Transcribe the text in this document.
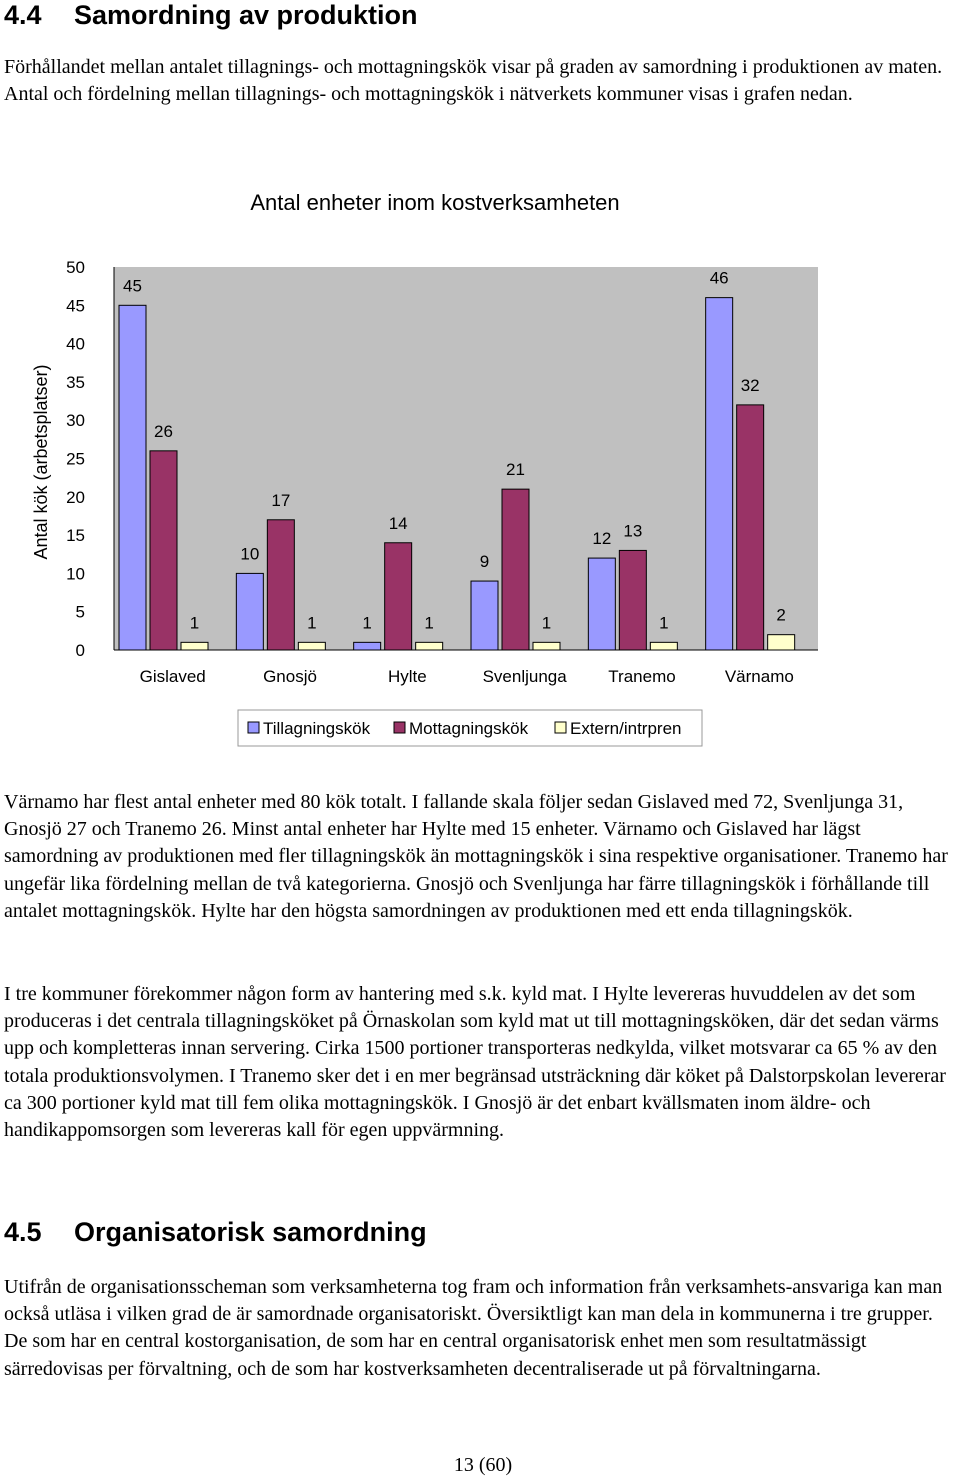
4.4 Samordning av produktion

Förhållandet mellan antalet tillagnings- och mottagningskök visar på graden av samordning i produktionen av maten. Antal och fördelning mellan tillagnings- och mottagningskök i nätverkets kommuner visas i grafen nedan.

Antal enheter inom kostverksamheten
Antal kök (arbetsplatser)
0
5
10
15
20
25
30
35
40
45
50
45
26
1
10
17
1	1
14
1
9
21
1
12 13
1
46
32
2
Gislaved	Gnosjö	Hylte	Svenljunga Tranemo	Värnamo
Tillagningskök Mottagningskök Extern/intrpren

Värnamo har flest antal enheter med 80 kök totalt. I fallande skala följer sedan Gislaved med 72, Svenljunga 31, Gnosjö 27 och Tranemo 26. Minst antal enheter har Hylte med 15 enheter. Värnamo och Gislaved har lägst samordning av produktionen med fler tillagningskök än mottagningskök i sina respektive organisationer. Tranemo har ungefär lika fördelning mellan de två kategorierna. Gnosjö och Svenljunga har färre tillagningskök i förhållande till antalet mottagningskök. Hylte har den högsta samordningen av produktionen med ett enda tillagningskök.

I tre kommuner förekommer någon form av hantering med s.k. kyld mat. I Hylte levereras huvuddelen av det som produceras i det centrala tillagningsköket på Örnaskolan som kyld mat ut till mottagningsköken, där det sedan värms upp och kompletteras innan servering. Cirka 1500 portioner transporteras nedkylda, vilket motsvarar ca 65 % av den totala produktionsvolymen. I Tranemo sker det i en mer begränsad utsträckning där köket på Dalstorpskolan levererar ca 300 portioner kyld mat till fem olika mottagningskök. I Gnosjö är det enbart kvällsmaten inom äldre- och handikappomsorgen som levereras kall för egen uppvärmning.

4.5 Organisatorisk samordning

Utifrån de organisationsscheman som verksamheterna tog fram och information från verksamhets-ansvariga kan man också utläsa i vilken grad de är samordnade organisatoriskt. Översiktligt kan man dela in kommunerna i tre grupper. De som har en central kostorganisation, de som har en central organisatorisk enhet men som resultatmässigt särredovisas per förvaltning, och de som har kostverksamheten decentraliserade ut på förvaltningarna.

13 (60)
